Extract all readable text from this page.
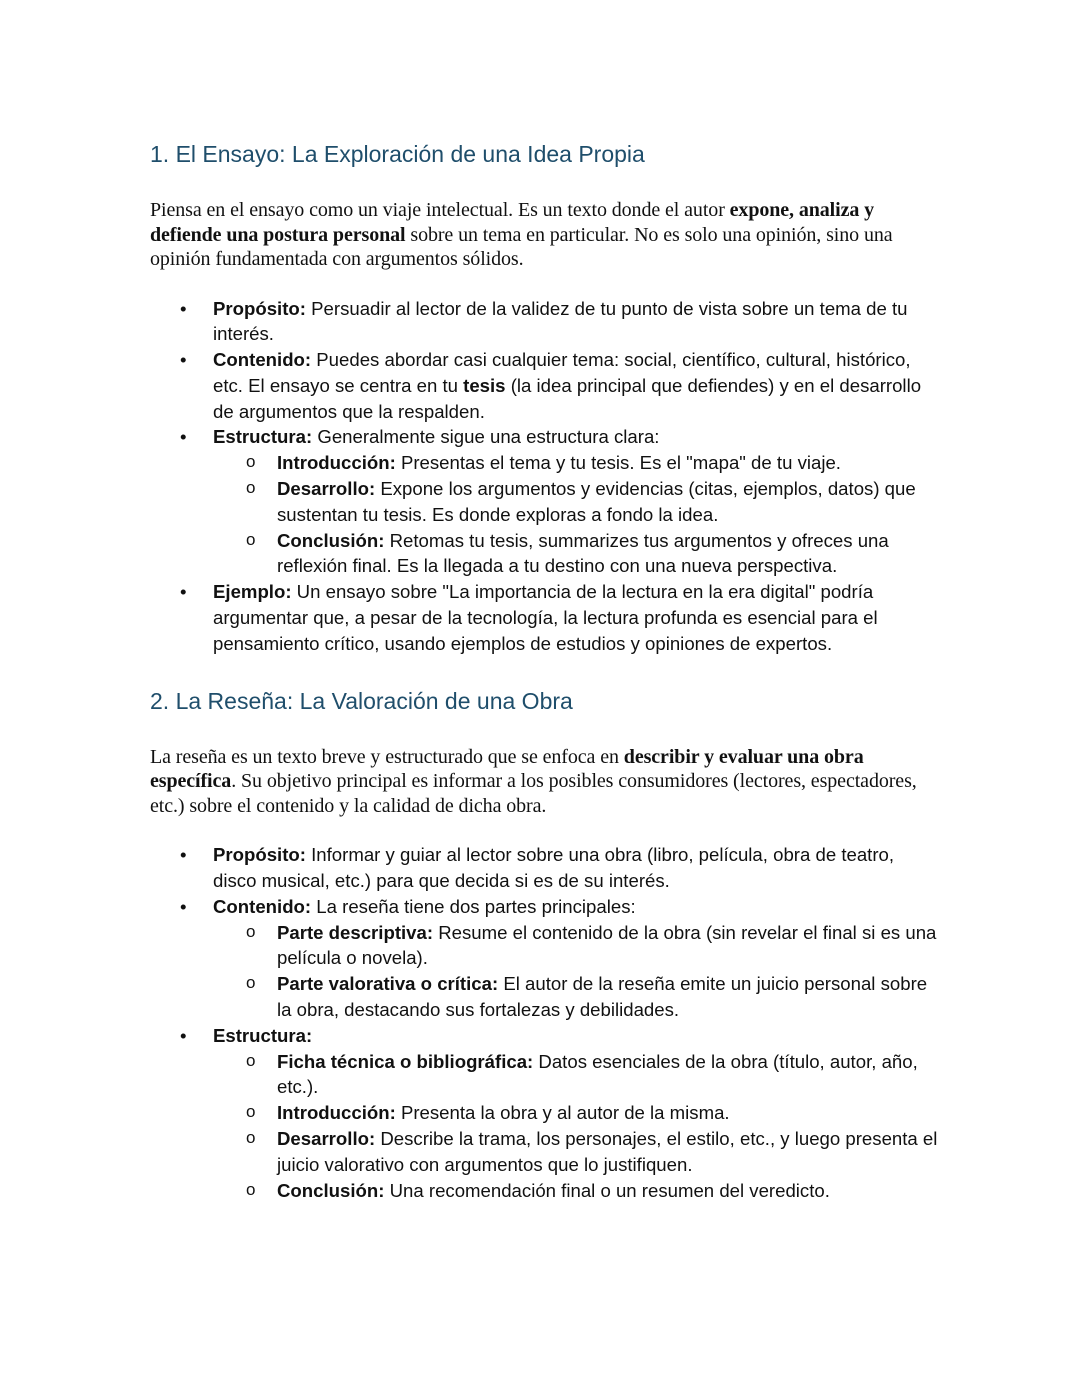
1. El Ensayo: La Exploración de una Idea Propia

Piensa en el ensayo como un viaje intelectual. Es un texto donde el autor expone, analiza y defiende una postura personal sobre un tema en particular. No es solo una opinión, sino una opinión fundamentada con argumentos sólidos.

• Propósito: Persuadir al lector de la validez de tu punto de vista sobre un tema de tu interés.
• Contenido: Puedes abordar casi cualquier tema: social, científico, cultural, histórico, etc. El ensayo se centra en tu tesis (la idea principal que defiendes) y en el desarrollo de argumentos que la respalden.
• Estructura: Generalmente sigue una estructura clara:
o Introducción: Presentas el tema y tu tesis. Es el "mapa" de tu viaje.
o Desarrollo: Expone los argumentos y evidencias (citas, ejemplos, datos) que sustentan tu tesis. Es donde exploras a fondo la idea.
o Conclusión: Retomas tu tesis, summarizes tus argumentos y ofreces una reflexión final. Es la llegada a tu destino con una nueva perspectiva.
• Ejemplo: Un ensayo sobre "La importancia de la lectura en la era digital" podría argumentar que, a pesar de la tecnología, la lectura profunda es esencial para el pensamiento crítico, usando ejemplos de estudios y opiniones de expertos.
2. La Reseña: La Valoración de una Obra

La reseña es un texto breve y estructurado que se enfoca en describir y evaluar una obra específica. Su objetivo principal es informar a los posibles consumidores (lectores, espectadores, etc.) sobre el contenido y la calidad de dicha obra.

• Propósito: Informar y guiar al lector sobre una obra (libro, película, obra de teatro, disco musical, etc.) para que decida si es de su interés.
• Contenido: La reseña tiene dos partes principales:
o Parte descriptiva: Resume el contenido de la obra (sin revelar el final si es una película o novela).
o Parte valorativa o crítica: El autor de la reseña emite un juicio personal sobre la obra, destacando sus fortalezas y debilidades.
• Estructura:
o Ficha técnica o bibliográfica: Datos esenciales de la obra (título, autor, año, etc.).
o Introducción: Presenta la obra y al autor de la misma.
o Desarrollo: Describe la trama, los personajes, el estilo, etc., y luego presenta el juicio valorativo con argumentos que lo justifiquen.
o Conclusión: Una recomendación final o un resumen del veredicto.
